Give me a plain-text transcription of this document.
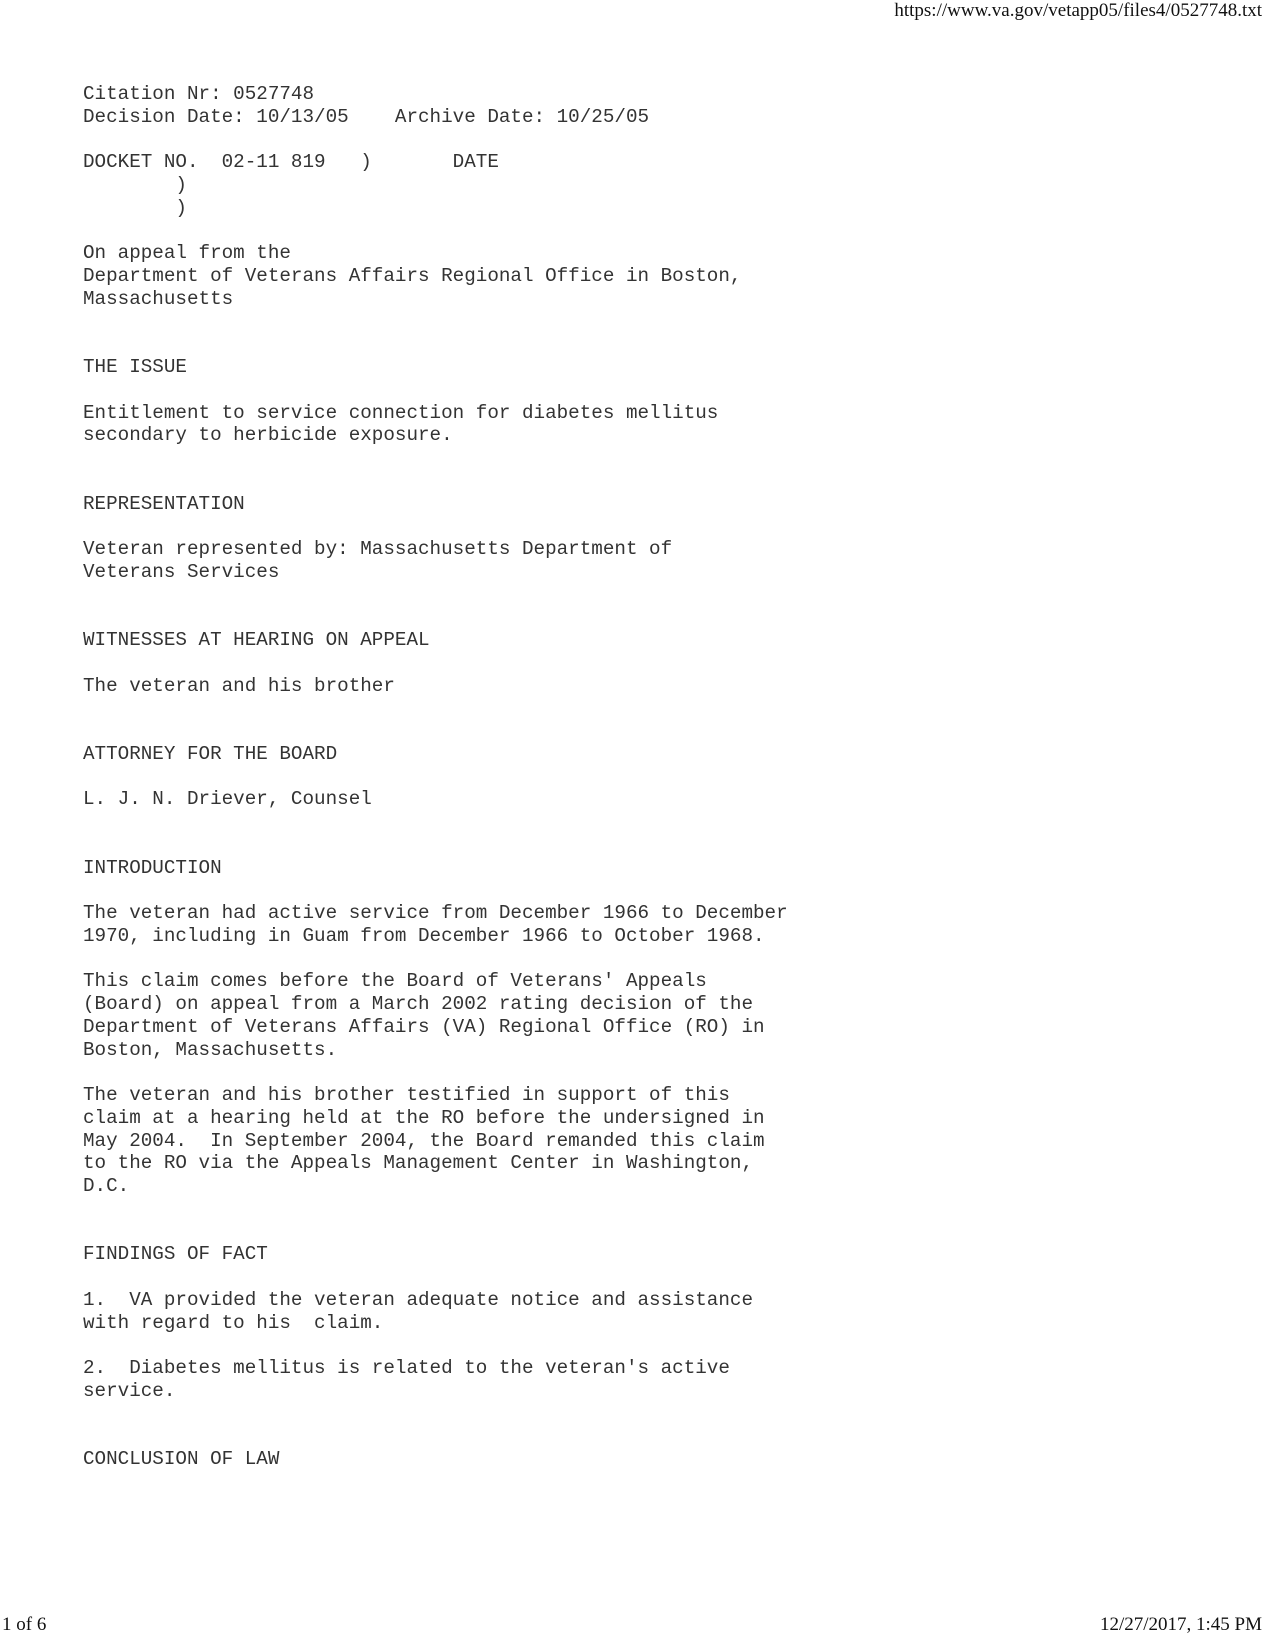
https://www.va.gov/vetapp05/files4/0527748.txt
Citation Nr: 0527748
Decision Date: 10/13/05    Archive Date: 10/25/05
DOCKET NO.  02-11 819   )       DATE
)
)
On appeal from the
Department of Veterans Affairs Regional Office in Boston,
Massachusetts
THE ISSUE
Entitlement to service connection for diabetes mellitus
secondary to herbicide exposure.
REPRESENTATION
Veteran represented by: Massachusetts Department of
Veterans Services
WITNESSES AT HEARING ON APPEAL
The veteran and his brother
ATTORNEY FOR THE BOARD
L. J. N. Driever, Counsel
INTRODUCTION
The veteran had active service from December 1966 to December
1970, including in Guam from December 1966 to October 1968.
This claim comes before the Board of Veterans' Appeals
(Board) on appeal from a March 2002 rating decision of the
Department of Veterans Affairs (VA) Regional Office (RO) in
Boston, Massachusetts.
The veteran and his brother testified in support of this
claim at a hearing held at the RO before the undersigned in
May 2004.  In September 2004, the Board remanded this claim
to the RO via the Appeals Management Center in Washington,
D.C.
FINDINGS OF FACT
1.  VA provided the veteran adequate notice and assistance
with regard to his  claim.
2.  Diabetes mellitus is related to the veteran's active
service.
CONCLUSION OF LAW
1 of 6	12/27/2017, 1:45 PM
